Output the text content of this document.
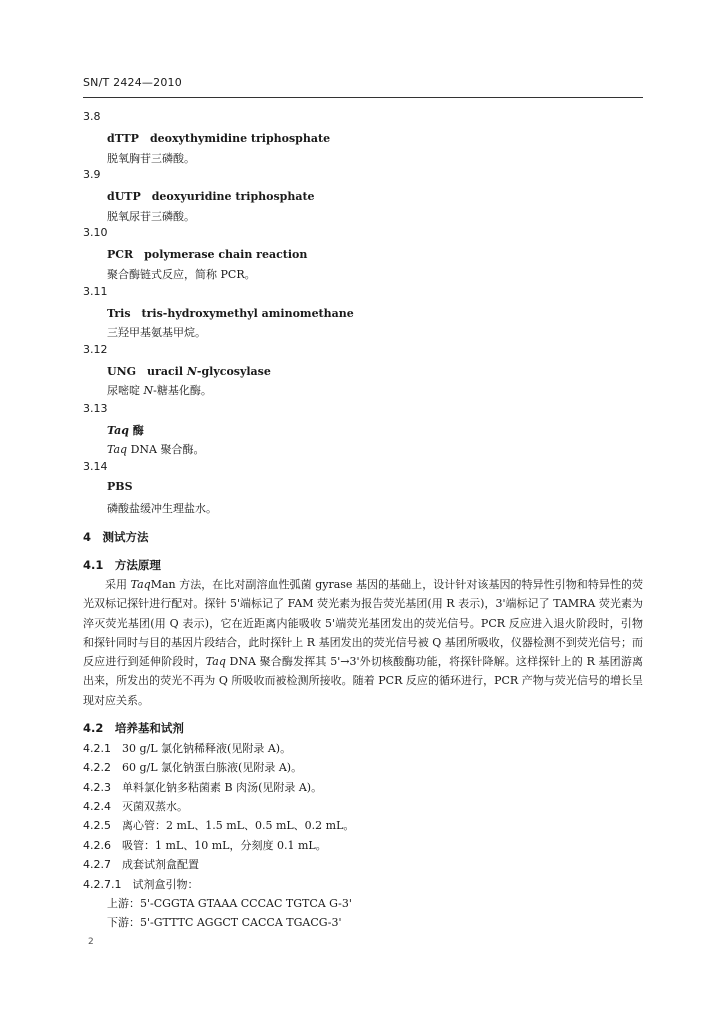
SN/T 2424—2010
3.8
dTTP　deoxythymidine triphosphate
脱氧胸苷三磷酸。
3.9
dUTP　deoxyuridine triphosphate
脱氧尿苷三磷酸。
3.10
PCR　polymerase chain reaction
聚合酶链式反应，简称 PCR。
3.11
Tris　tris-hydroxymethyl aminomethane
三羟甲基氨基甲烷。
3.12
UNG　uracil N-glycosylase
尿嘧啶 N-糖基化酶。
3.13
Taq 酶
Taq DNA 聚合酶。
3.14
PBS
磷酸盐缓冲生理盐水。
4　 测试方法
4.1　 方法原理

采用 TaqMan 方法，在比对副溶血性弧菌 gyrase 基因的基础上，设计针对该基因的特异性引物和特异性的荧光双标记探针进行配对。探针 5'端标记了 FAM 荧光素为报告荧光基团(用 R 表示)，3'端标记了 TAMRA 荧光素为淬灭荧光基团(用 Q 表示)，它在近距离内能吸收 5'端荧光基团发出的荧光信号。PCR 反应进入退火阶段时，引物和探针同时与目的基因片段结合，此时探针上 R 基团发出的荧光信号被 Q 基团所吸收，仪器检测不到荧光信号；而反应进行到延伸阶段时，Taq DNA 聚合酶发挥其 5'→3'外切核酸酶功能，将探针降解。这样探针上的 R 基团游离出来，所发出的荧光不再为 Q 所吸收而被检测所接收。随着 PCR 反应的循环进行，PCR 产物与荧光信号的增长呈现对应关系。

4.2　 培养基和试剂
4.2.1　 30 g/L 氯化钠稀释液(见附录 A)。
4.2.2　 60 g/L 氯化钠蛋白胨液(见附录 A)。
4.2.3　 单料氯化钠多粘菌素 B 肉汤(见附录 A)。
4.2.4　 灭菌双蒸水。
4.2.5　 离心管：2 mL、1.5 mL、0.5 mL、0.2 mL。
4.2.6　 吸管：1 mL、10 mL，分刻度 0.1 mL。
4.2.7　 成套试剂盒配置
4.2.7.1　 试剂盒引物：
上游：5'-CGGTA GTAAA CCCAC TGTCA G-3'
下游：5'-GTTTC AGGCT CACCA TGACG-3'
2
